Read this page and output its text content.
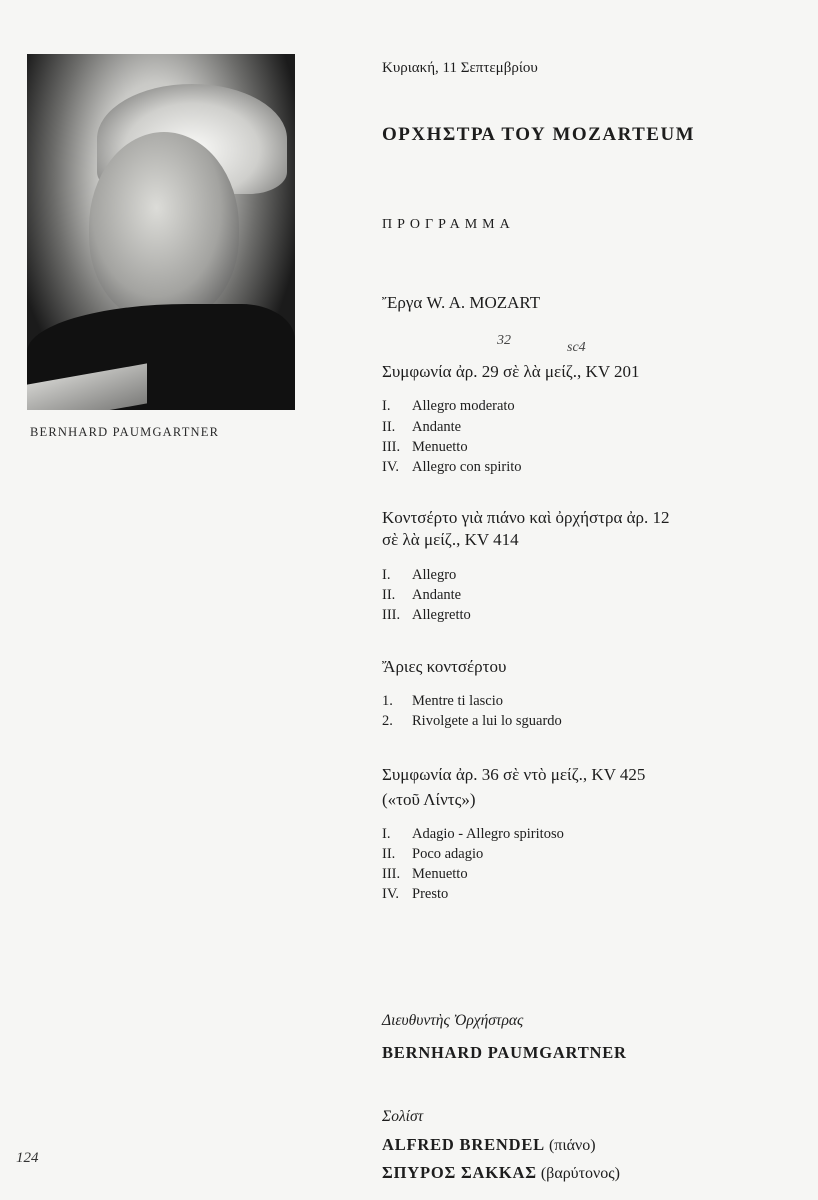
BERNHARD PAUMGARTNER
Κυριακή, 11 Σεπτεμβρίου
ΟΡΧΗΣΤΡΑ ΤΟΥ MOZARTEUM
ΠΡΟΓΡΑΜΜΑ
Ἔργα W. A. MOZART
32	sc4
Συμφωνία ἀρ. 29 σὲ λὰ μείζ., KV 201
I. Allegro moderato
II. Andante
III. Menuetto
IV. Allegro con spirito
Κοντσέρτο γιὰ πιάνο καὶ ὀρχήστρα ἀρ. 12
σὲ λὰ μείζ., KV 414
I. Allegro
II. Andante
III. Allegretto
Ἄριες κοντσέρτου
1. Mentre ti lascio
2. Rivolgete a lui lo sguardo
Συμφωνία ἀρ. 36 σὲ ντὸ μείζ., KV 425
(«τοῦ Λίντς»)
I. Adagio - Allegro spiritoso
II. Poco adagio
III. Menuetto
IV. Presto
Διευθυντὴς Ὀρχήστρας
BERNHARD PAUMGARTNER
Σολίστ
ALFRED BRENDEL (πιάνο)
ΣΠΥΡΟΣ ΣΑΚΚΑΣ (βαρύτονος)
124
